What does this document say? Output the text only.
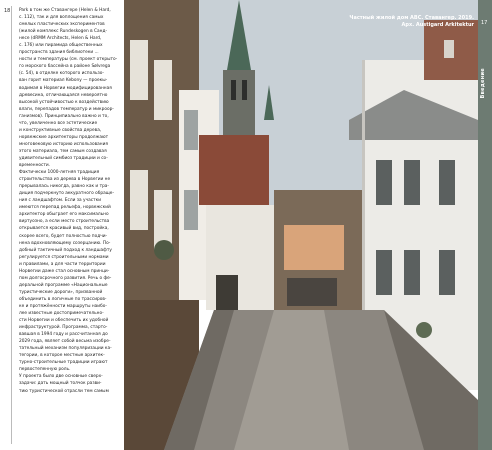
18 Park в том же Ставангере (Helen & Hard,
с. 112), так и для воплощения самых
смелых пластических экспериментов
(жилой комплекс Rundeskogen в Санд-
несе (dRMM Architects, Helen & Hard,
с. 176) или пирамида общественных
пространств здания библиотеки ...
ности и температуры (см. проект открыто-
го морского бассейна в районе Sølvrega
(с. 54), в отделке которого использо-
ван горит материал Kebony — проекы-
водимая в Норвегии модифицированная
древесина, отличающаяся невероятно
высокой устойчивостью к воздействию
влаги, перепадов температур и микроор-
ганизмов). Принципиально важно и то,
что, увеличенно все эстетические
и конструктивные свойства дерева,
норвежские архитекторы продолжают
многовековую историю использования
этого материала, тем самым создавая
удивительный симбиоз традиции и со-
временности.
Фактически 1000-летняя традиция
строительства из дерева в Норвегии не
прерывалась никогда, равно как и тра-
диция подчеркнуто аккуратного обраще-
ния с ландшафтом. Если за участки
имеются перепад рельефа, норвежский
архитектор обыграет его максимально
виртуозно, а если место строительства
открывается красивый вид, постройка,
скорее всего, будет полностью подчи-
нена вдохновляющему созерцанию. По-
добный тактичный подход к ландшафту
регулируется строительными нормами
и правилами, а для части территории
Норвегии даже стал основным принци-
пом долгосрочного развития. Речь о фе-
деральной программе «Национальные
туристические дороги», призванной
объединить в логичные по трассиров-
ке и протяжённости маршруты наибо-
лее известные достопримечательно-
сти Норвегии и обеспечить их удобной
инфраструктурой. Программа, старто-
вавшая в 1994 году и рассчитанная до
2029 года, являет собой весьма изобре-
тательный механизм популяризации ка-
тегории, в которое местные архитек-
турно-строительные традиции играют
первостепенную роль.
У проекта было две основные сверх-
задачи: дать мощный толчок разви-
тию туристической отрасли тем самым
Частный жилой дом ABC. Ставангер. 2019.
Арх. Austigard Arkitektur 17
Введение
